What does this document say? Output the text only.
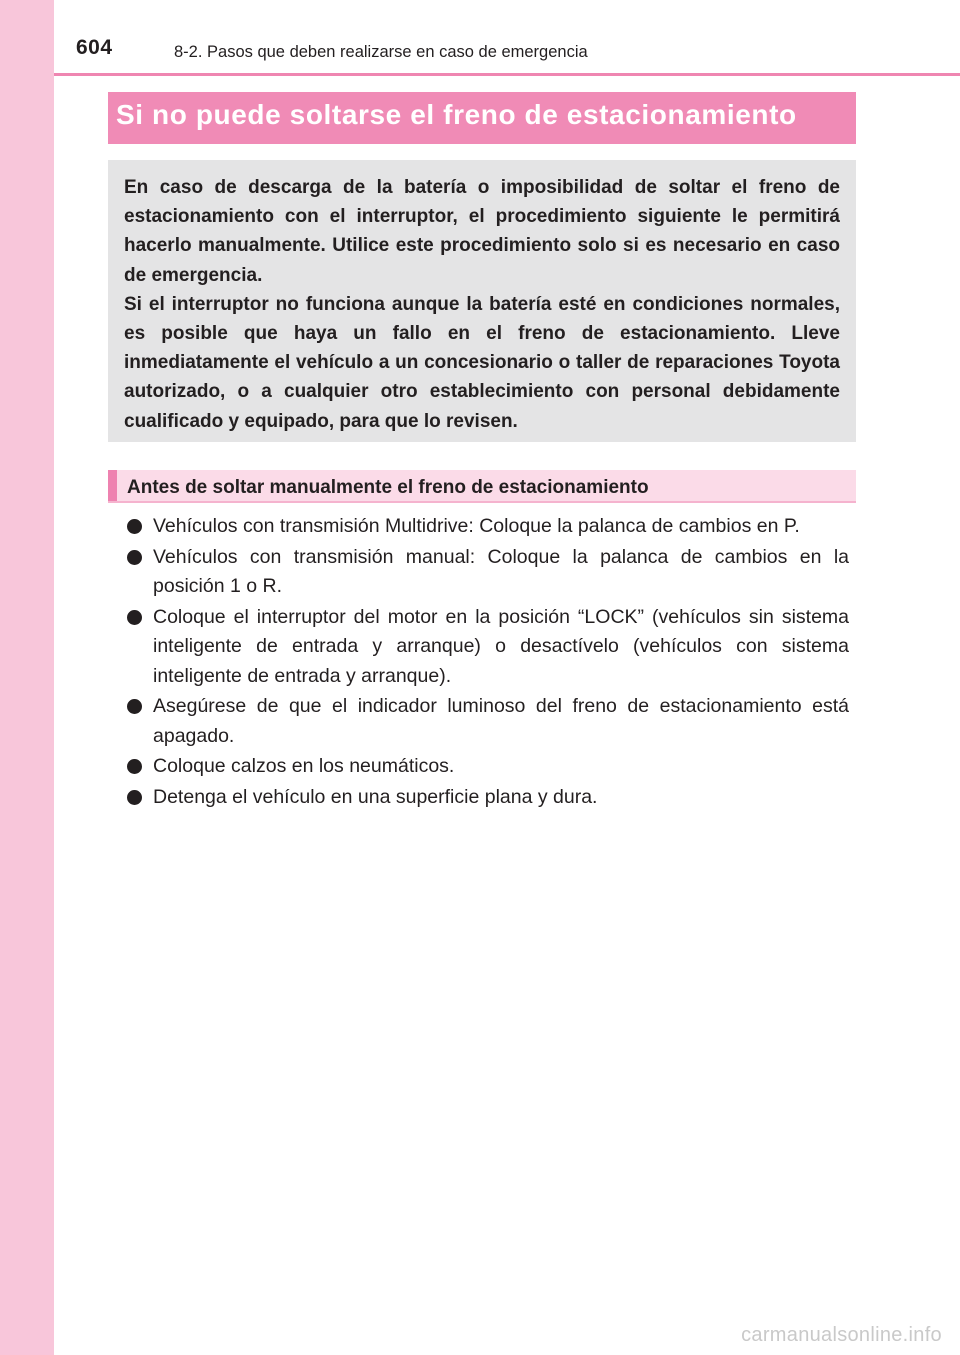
604	8-2. Pasos que deben realizarse en caso de emergencia
Si no puede soltarse el freno de estacionamiento

En caso de descarga de la batería o imposibilidad de soltar el freno de estacionamiento con el interruptor, el procedimiento siguiente le permitirá hacerlo manualmente. Utilice este procedimiento solo si es necesario en caso de emergencia.

Si el interruptor no funciona aunque la batería esté en condiciones normales, es posible que haya un fallo en el freno de estacionamiento. Lleve inmediatamente el vehículo a un concesionario o taller de reparaciones Toyota autorizado, o a cualquier otro establecimiento con personal debidamente cualificado y equipado, para que lo revisen.

Antes de soltar manualmente el freno de estacionamiento
Vehículos con transmisión Multidrive: Coloque la palanca de cambios en P.
Vehículos con transmisión manual: Coloque la palanca de cambios en la posición 1 o R.
Coloque el interruptor del motor en la posición “LOCK” (vehículos sin sistema inteligente de entrada y arranque) o desactívelo (vehículos con sistema inteligente de entrada y arranque).
Asegúrese de que el indicador luminoso del freno de estacionamiento está apagado.
Coloque calzos en los neumáticos.
Detenga el vehículo en una superficie plana y dura.
carmanualsonline.info
